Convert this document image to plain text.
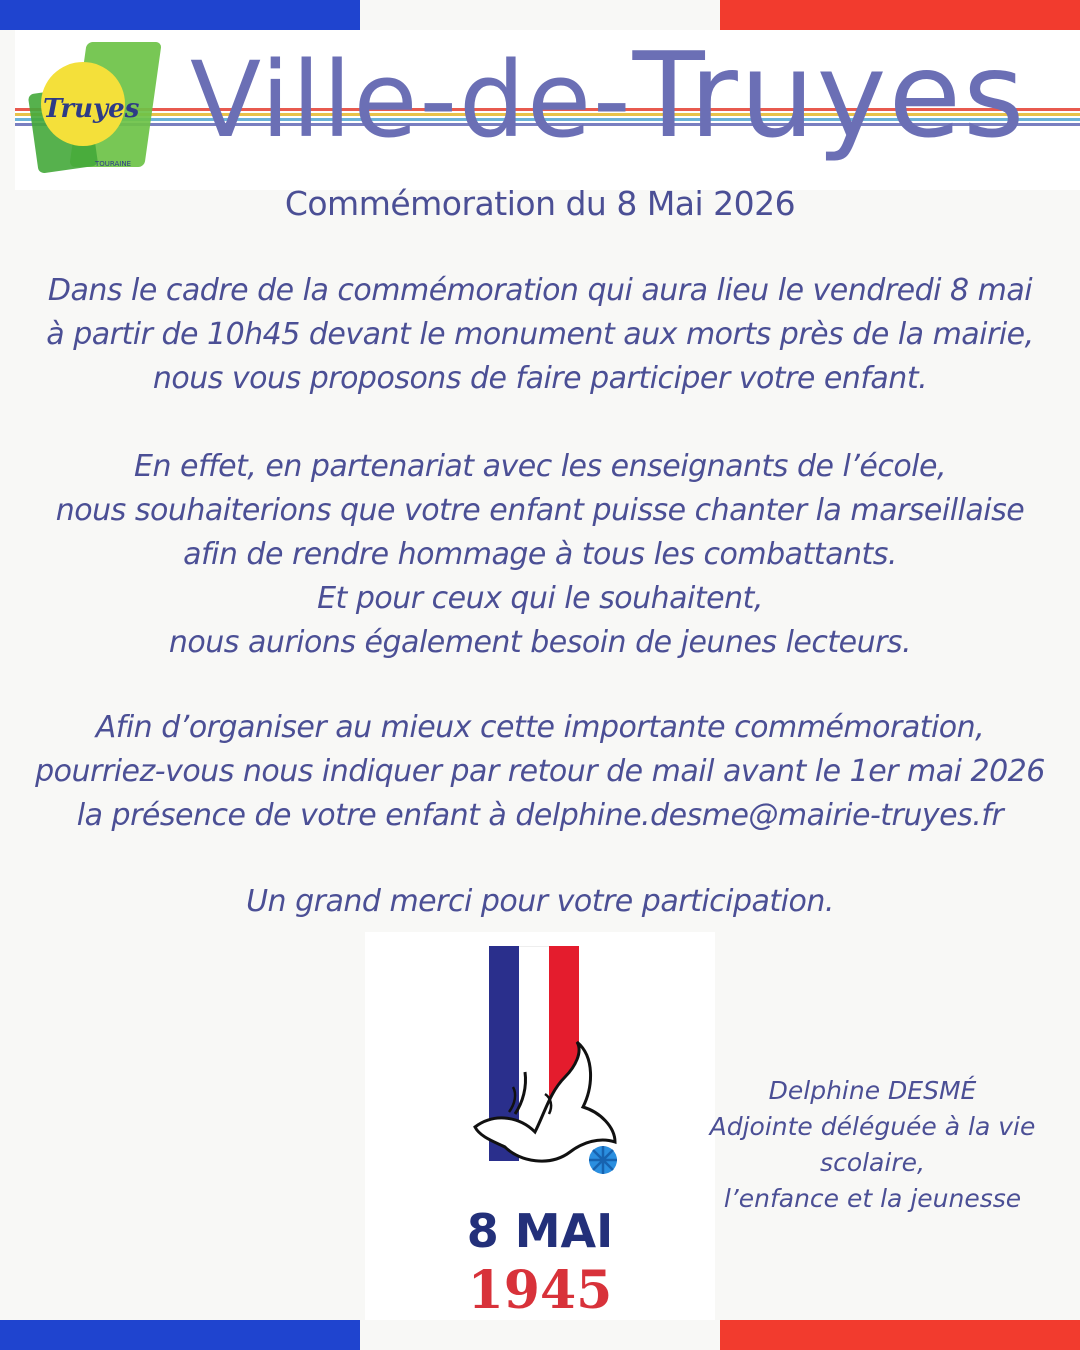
Truyes
TOURAINE
Ville-de-Truyes
Commémoration du 8 Mai 2026
Dans le cadre de la commémoration qui aura lieu le vendredi 8 mai
à partir de 10h45 devant le monument aux morts près de la mairie,
nous vous proposons de faire participer votre enfant.
En effet, en partenariat avec les enseignants de l’école,
nous souhaiterions que votre enfant puisse chanter la marseillaise
afin de rendre hommage à tous les combattants.
Et pour ceux qui le souhaitent,
nous aurions également besoin de jeunes lecteurs.
Afin d’organiser au mieux cette importante commémoration,
pourriez-vous nous indiquer par retour de mail avant le 1er mai 2026
la présence de votre enfant à delphine.desme@mairie-truyes.fr
Un grand merci pour votre participation.
8 MAI
1945
Delphine DESMÉ
Adjointe déléguée à la vie scolaire,
l’enfance et la jeunesse
